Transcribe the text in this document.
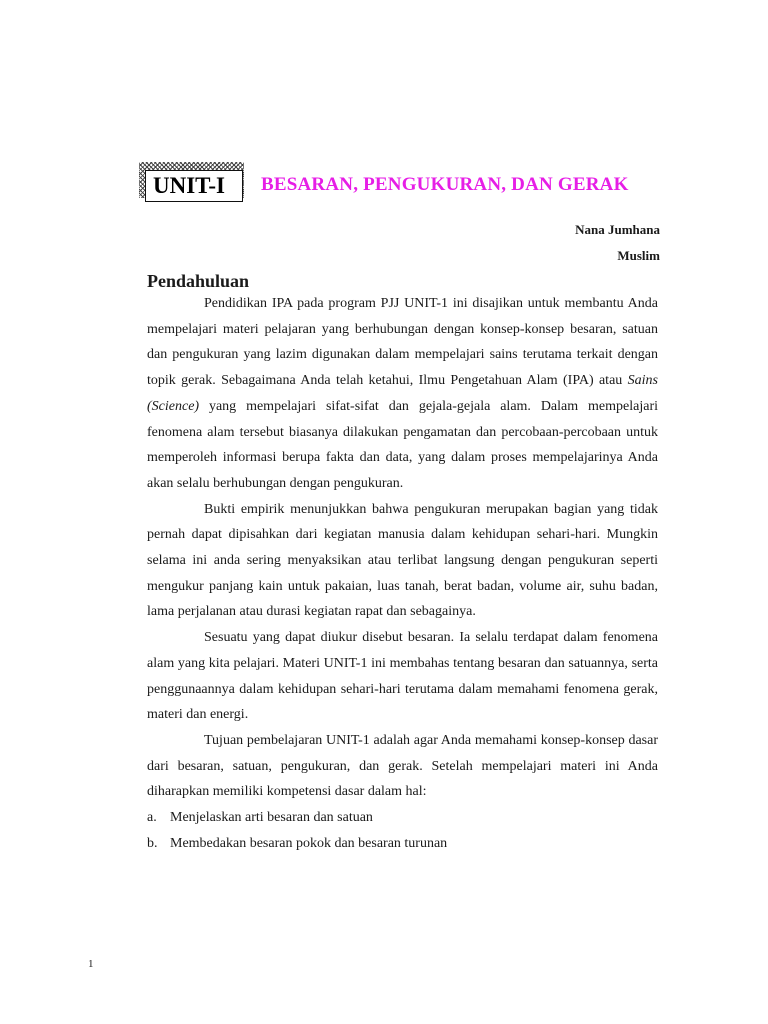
UNIT-I	BESARAN, PENGUKURAN, DAN GERAK
Nana Jumhana
Muslim
Pendahuluan

Pendidikan IPA pada program PJJ UNIT-1 ini disajikan untuk membantu Anda mempelajari materi pelajaran yang berhubungan dengan konsep-konsep besaran, satuan dan pengukuran yang lazim digunakan dalam mempelajari sains terutama terkait dengan topik gerak. Sebagaimana Anda telah ketahui, Ilmu Pengetahuan Alam (IPA) atau Sains (Science) yang mempelajari sifat-sifat dan gejala-gejala alam. Dalam mempelajari fenomena alam tersebut biasanya dilakukan pengamatan dan percobaan-percobaan untuk memperoleh informasi berupa fakta dan data, yang dalam proses mempelajarinya Anda akan selalu berhubungan dengan pengukuran.

Bukti empirik menunjukkan bahwa pengukuran merupakan bagian yang tidak pernah dapat dipisahkan dari kegiatan manusia dalam kehidupan sehari-hari. Mungkin selama ini anda sering menyaksikan atau terlibat langsung dengan pengukuran seperti mengukur panjang kain untuk pakaian, luas tanah, berat badan, volume air, suhu badan, lama perjalanan atau durasi kegiatan rapat dan sebagainya.

Sesuatu yang dapat diukur disebut besaran. Ia selalu terdapat dalam fenomena alam yang kita pelajari. Materi UNIT-1 ini membahas tentang besaran dan satuannya, serta penggunaannya dalam kehidupan sehari-hari terutama dalam memahami fenomena gerak, materi dan energi.

Tujuan pembelajaran UNIT-1 adalah agar Anda memahami konsep-konsep dasar dari besaran, satuan, pengukuran, dan gerak. Setelah mempelajari materi ini Anda diharapkan memiliki kompetensi dasar dalam hal:

a. Menjelaskan arti besaran dan satuan
b. Membedakan besaran pokok dan besaran turunan
1
